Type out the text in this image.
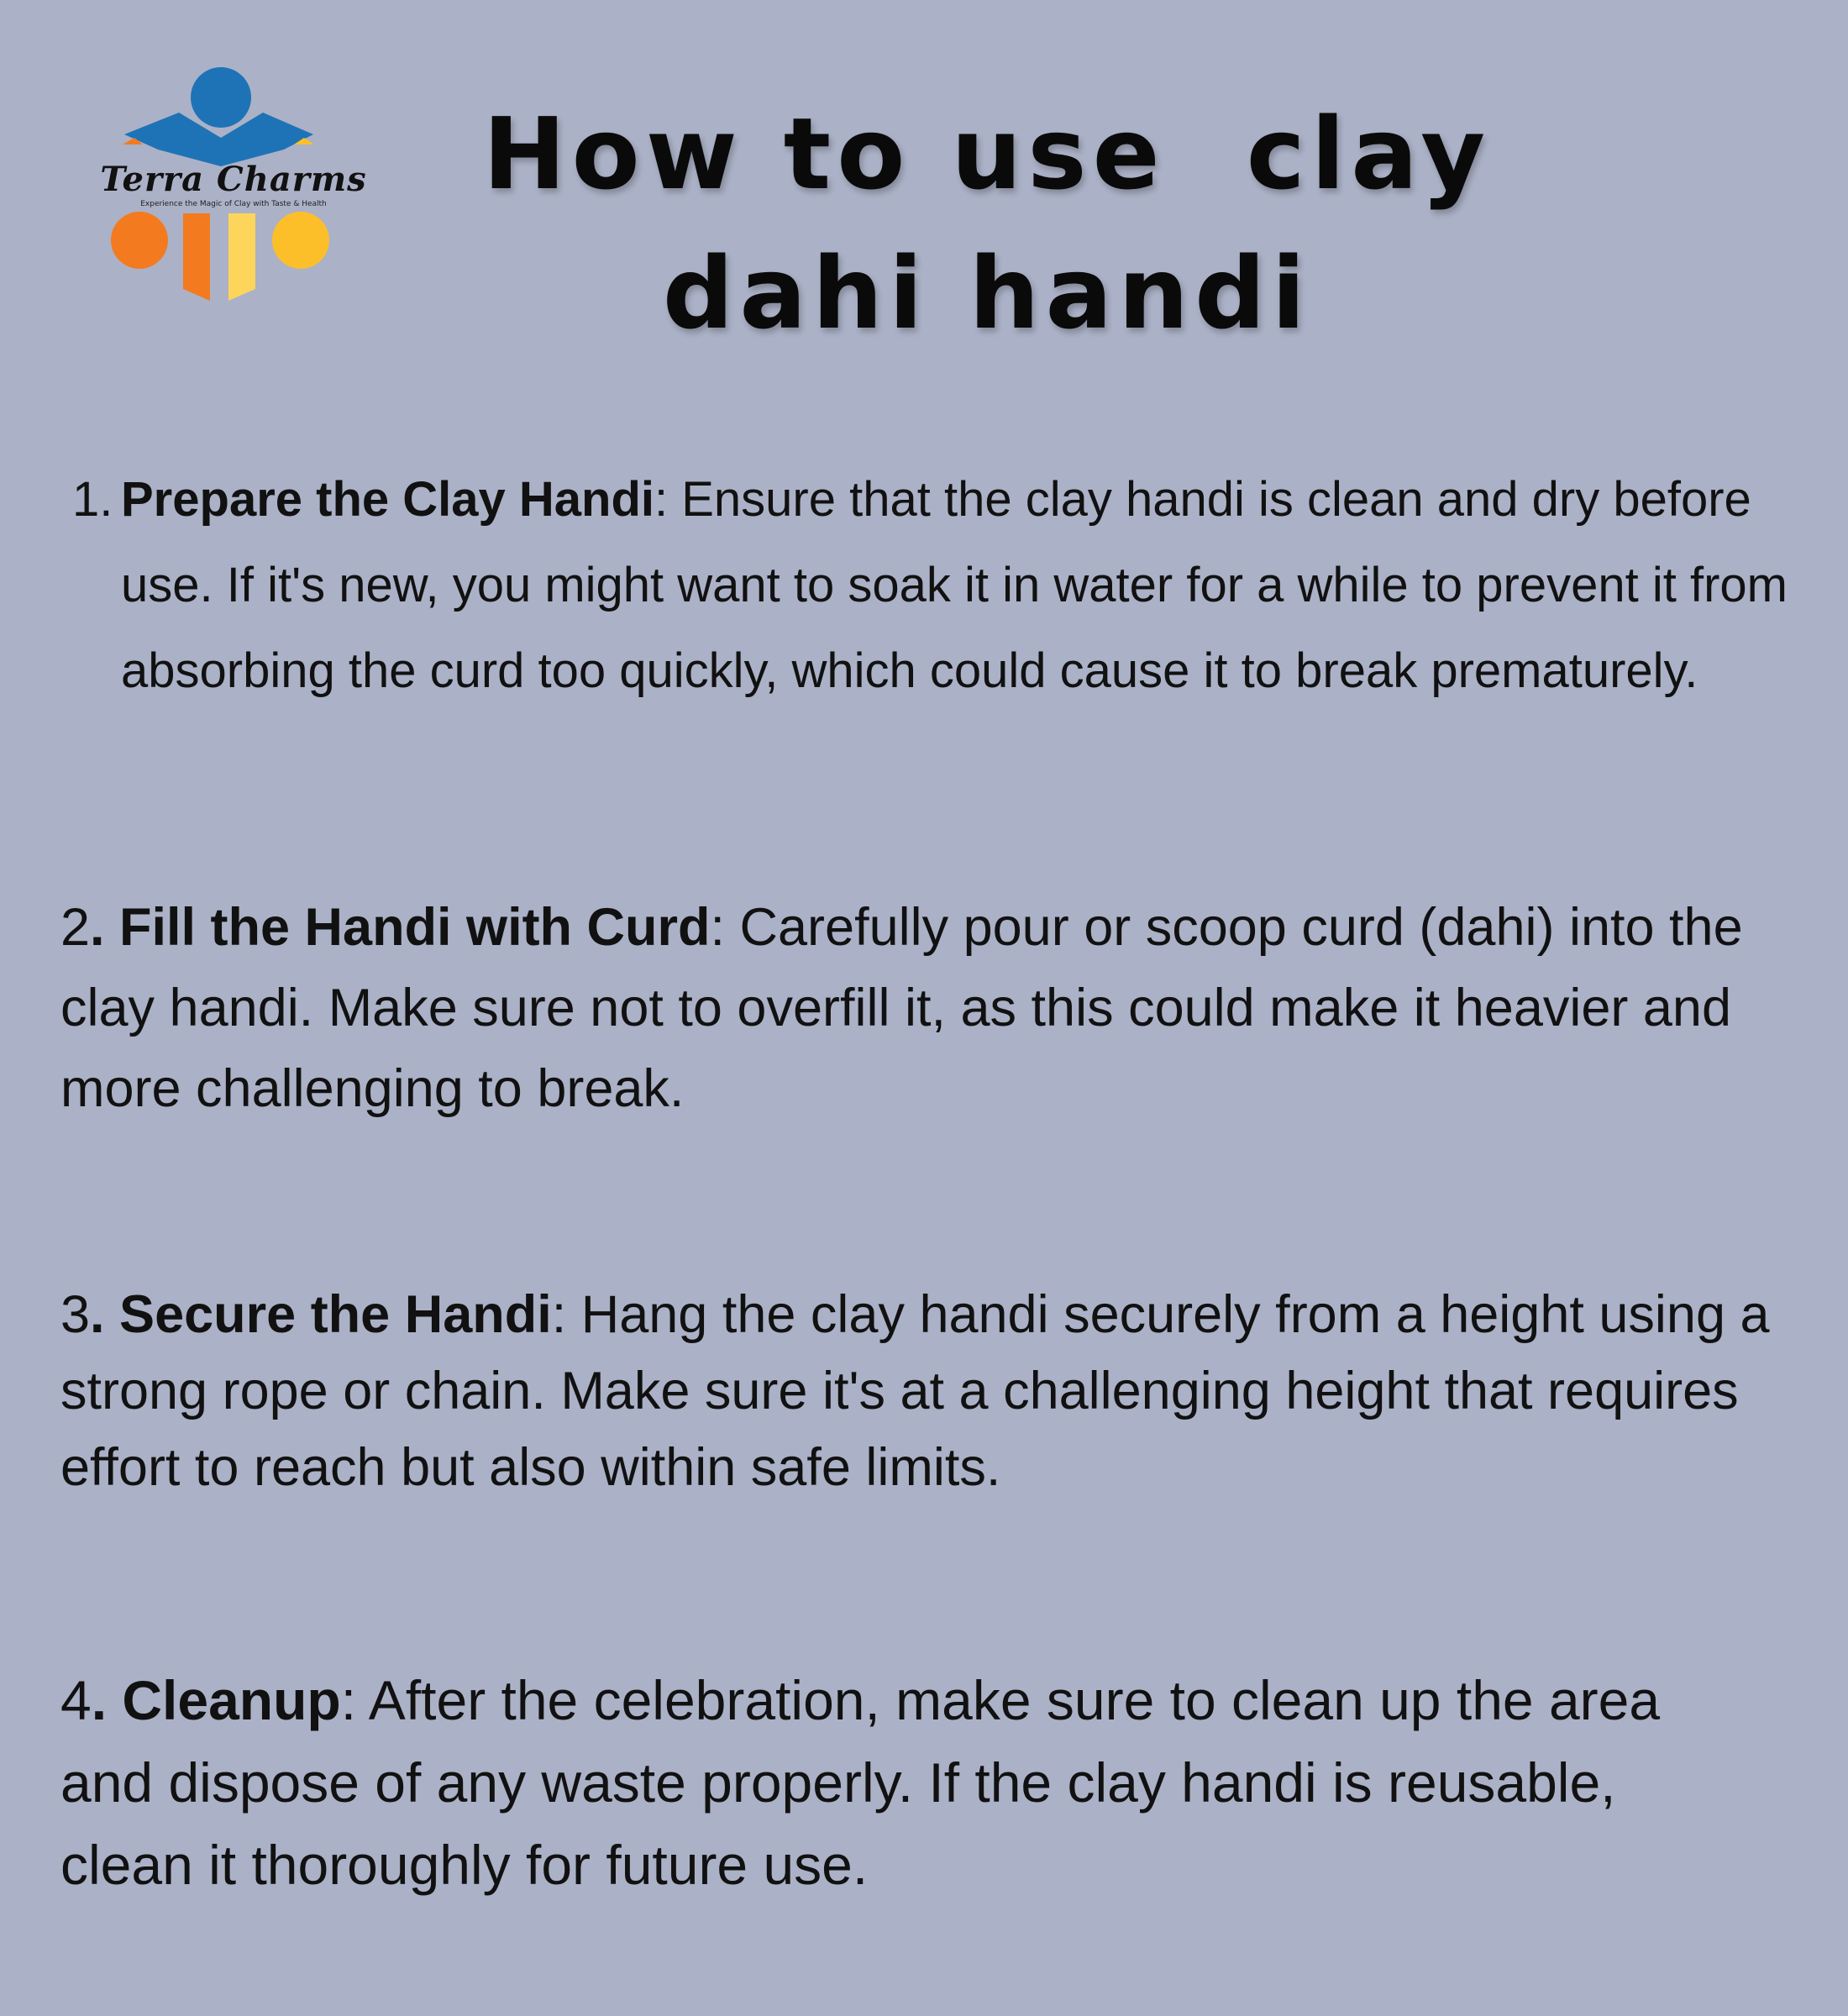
Terra Charms
Experience the Magic of Clay with Taste & Health	How to use  clay
dahi handi

1. Prepare the Clay Handi: Ensure that the clay handi is clean and dry before use. If it's new, you might want to soak it in water for a while to prevent it from absorbing the curd too quickly, which could cause it to break prematurely.

2. Fill the Handi with Curd: Carefully pour or scoop curd (dahi) into the clay handi. Make sure not to overfill it, as this could make it heavier and more challenging to break.

3. Secure the Handi: Hang the clay handi securely from a height using a strong rope or chain. Make sure it's at a challenging height that requires effort to reach but also within safe limits.

4. Cleanup: After the celebration, make sure to clean up the area and dispose of any waste properly. If the clay handi is reusable, clean it thoroughly for future use.
